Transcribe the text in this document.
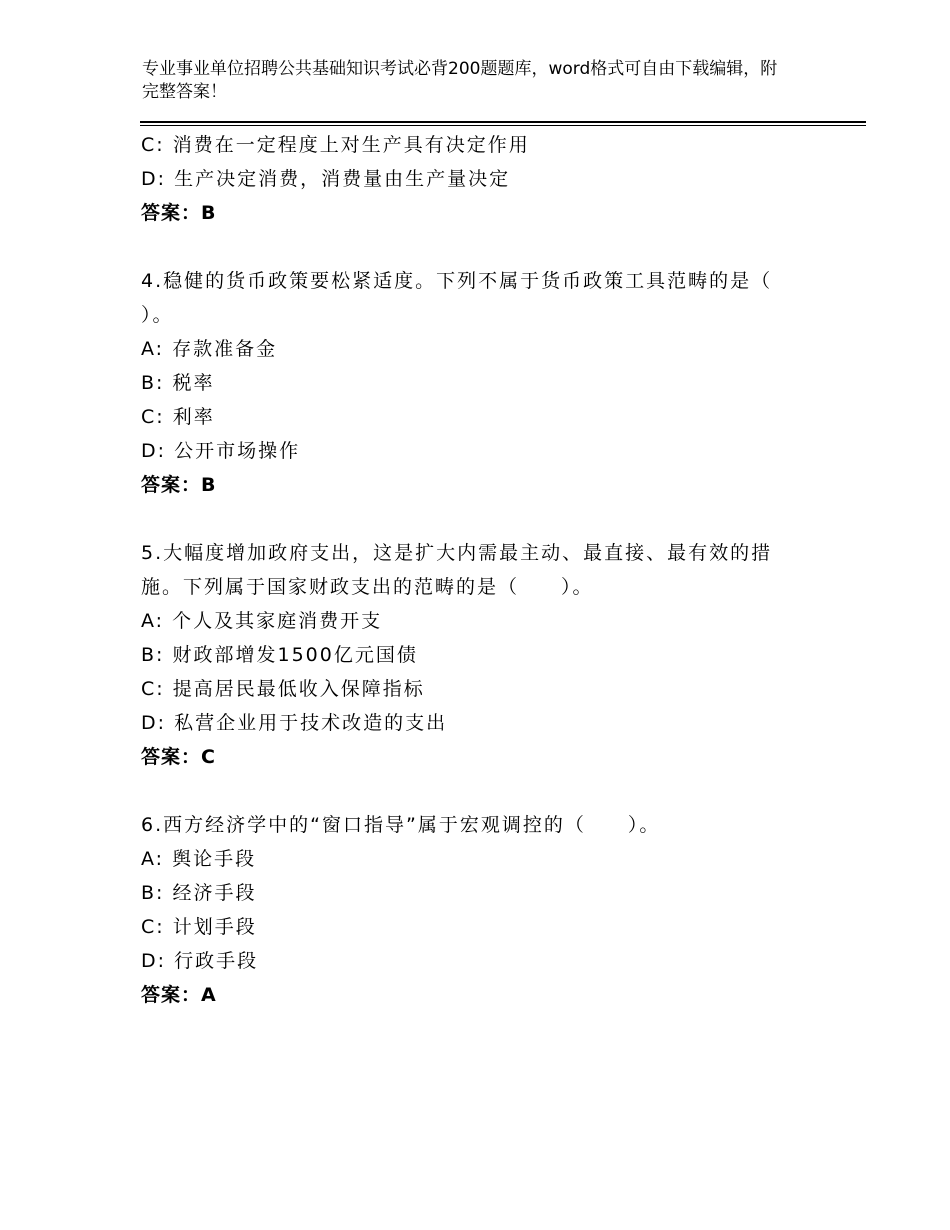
专业事业单位招聘公共基础知识考试必背200题题库，word格式可自由下载编辑，附完整答案！
C: 消费在一定程度上对生产具有决定作用
D: 生产决定消费，消费量由生产量决定
答案：B
4.稳健的货币政策要松紧适度。下列不属于货币政策工具范畴的是（ ）。
A: 存款准备金
B: 税率
C: 利率
D: 公开市场操作
答案：B
5.大幅度增加政府支出，这是扩大内需最主动、最直接、最有效的措施。下列属于国家财政支出的范畴的是（　　）。
A: 个人及其家庭消费开支
B: 财政部增发1500亿元国债
C: 提高居民最低收入保障指标
D: 私营企业用于技术改造的支出
答案：C
6.西方经济学中的“窗口指导”属于宏观调控的（　　）。
A: 舆论手段
B: 经济手段
C: 计划手段
D: 行政手段
答案：A
